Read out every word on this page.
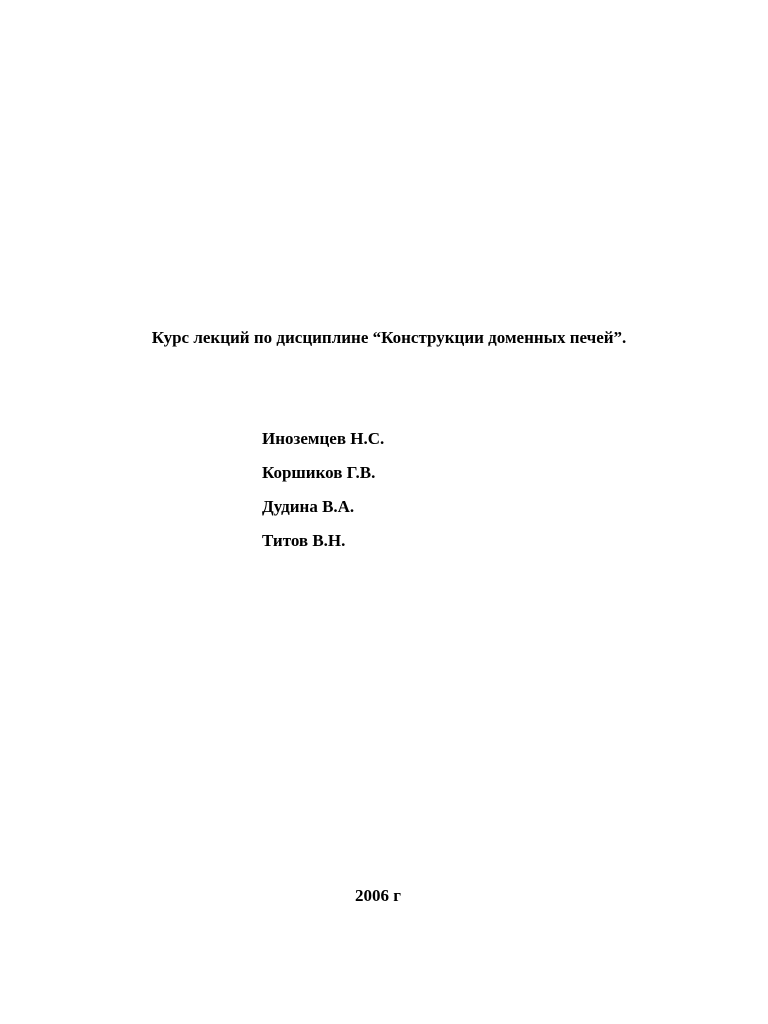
Курс лекций по дисциплине “Конструкции доменных печей”.
Иноземцев Н.С.
Коршиков Г.В.
Дудина В.А.
Титов В.Н.
2006 г
